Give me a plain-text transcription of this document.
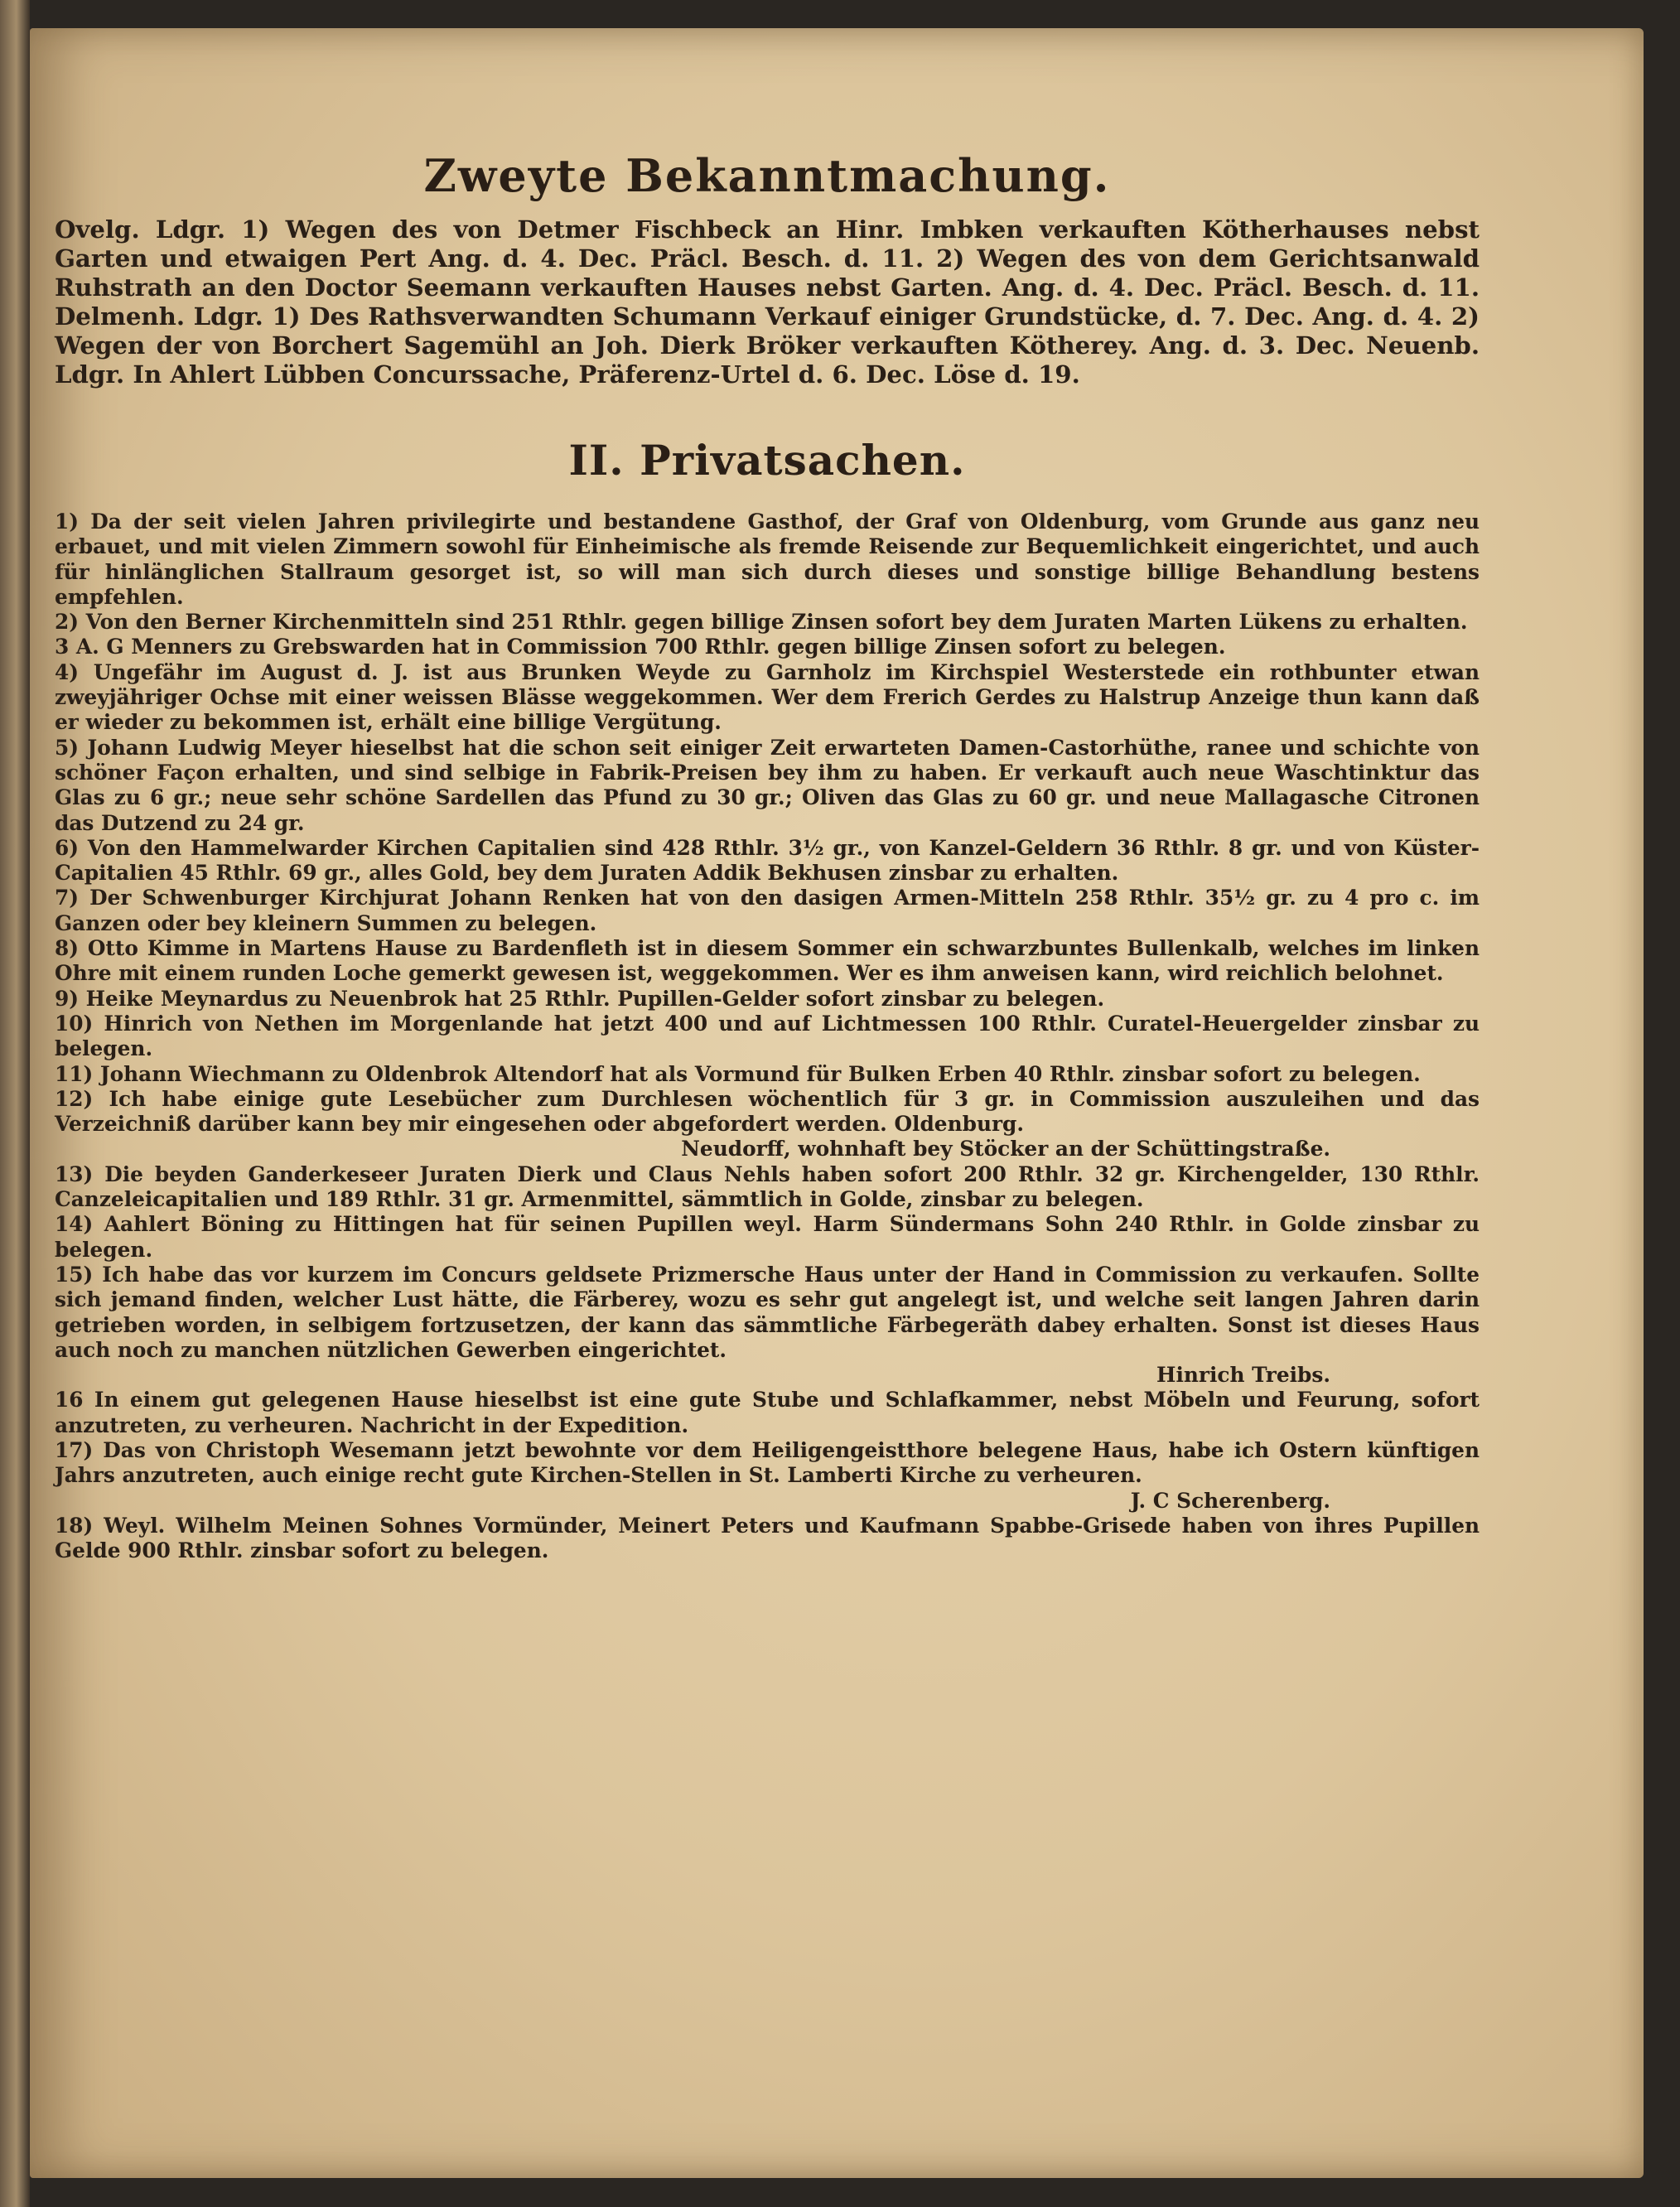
Zweyte Bekanntmachung.

Ovelg. Ldgr. 1) Wegen des von Detmer Fischbeck an Hinr. Imbken verkauften Kötherhauses nebst Garten und etwaigen Pert Ang. d. 4. Dec. Präcl. Besch. d. 11. 2) Wegen des von dem Gerichtsanwald Ruhstrath an den Doctor Seemann verkauften Hauses nebst Garten. Ang. d. 4. Dec. Präcl. Besch. d. 11. Delmenh. Ldgr. 1) Des Rathsverwandten Schumann Verkauf einiger Grundstücke, d. 7. Dec. Ang. d. 4. 2) Wegen der von Borchert Sagemühl an Joh. Dierk Bröker verkauften Kötherey. Ang. d. 3. Dec. Neuenb. Ldgr. In Ahlert Lübben Concurssache, Präferenz-Urtel d. 6. Dec. Löse d. 19.

II. Privatsachen.

1) Da der seit vielen Jahren privilegirte und bestandene Gasthof, der Graf von Oldenburg, vom Grunde aus ganz neu erbauet, und mit vielen Zimmern sowohl für Einheimische als fremde Reisende zur Bequemlichkeit eingerichtet, und auch für hinlänglichen Stallraum gesorget ist, so will man sich durch dieses und sonstige billige Behandlung bestens empfehlen.

2) Von den Berner Kirchenmitteln sind 251 Rthlr. gegen billige Zinsen sofort bey dem Juraten Marten Lükens zu erhalten.

3 A. G Menners zu Grebswarden hat in Commission 700 Rthlr. gegen billige Zinsen sofort zu belegen.

4) Ungefähr im August d. J. ist aus Brunken Weyde zu Garnholz im Kirchspiel Westerstede ein rothbunter etwan zweyjähriger Ochse mit einer weissen Blässe weggekommen. Wer dem Frerich Gerdes zu Halstrup Anzeige thun kann daß er wieder zu bekommen ist, erhält eine billige Vergütung.

5) Johann Ludwig Meyer hieselbst hat die schon seit einiger Zeit erwarteten Damen-Castorhüthe, ranee und schichte von schöner Façon erhalten, und sind selbige in Fabrik-Preisen bey ihm zu haben. Er verkauft auch neue Waschtinktur das Glas zu 6 gr.; neue sehr schöne Sardellen das Pfund zu 30 gr.; Oliven das Glas zu 60 gr. und neue Mallagasche Citronen das Dutzend zu 24 gr.

6) Von den Hammelwarder Kirchen Capitalien sind 428 Rthlr. 3½ gr., von Kanzel-Geldern 36 Rthlr. 8 gr. und von Küster-Capitalien 45 Rthlr. 69 gr., alles Gold, bey dem Juraten Addik Bekhusen zinsbar zu erhalten.

7) Der Schwenburger Kirchjurat Johann Renken hat von den dasigen Armen-Mitteln 258 Rthlr. 35½ gr. zu 4 pro c. im Ganzen oder bey kleinern Summen zu belegen.

8) Otto Kimme in Martens Hause zu Bardenfleth ist in diesem Sommer ein schwarzbuntes Bullenkalb, welches im linken Ohre mit einem runden Loche gemerkt gewesen ist, weggekommen. Wer es ihm anweisen kann, wird reichlich belohnet.

9) Heike Meynardus zu Neuenbrok hat 25 Rthlr. Pupillen-Gelder sofort zinsbar zu belegen.

10) Hinrich von Nethen im Morgenlande hat jetzt 400 und auf Lichtmessen 100 Rthlr. Curatel-Heuergelder zinsbar zu belegen.

11) Johann Wiechmann zu Oldenbrok Altendorf hat als Vormund für Bulken Erben 40 Rthlr. zinsbar sofort zu belegen.

12) Ich habe einige gute Lesebücher zum Durchlesen wöchentlich für 3 gr. in Commission auszuleihen und das Verzeichniß darüber kann bey mir eingesehen oder abgefordert werden. Oldenburg.

Neudorff, wohnhaft bey Stöcker an der Schüttingstraße.

13) Die beyden Ganderkeseer Juraten Dierk und Claus Nehls haben sofort 200 Rthlr. 32 gr. Kirchengelder, 130 Rthlr. Canzeleicapitalien und 189 Rthlr. 31 gr. Armenmittel, sämmtlich in Golde, zinsbar zu belegen.

14) Aahlert Böning zu Hittingen hat für seinen Pupillen weyl. Harm Sündermans Sohn 240 Rthlr. in Golde zinsbar zu belegen.

15) Ich habe das vor kurzem im Concurs geldsete Prizmersche Haus unter der Hand in Commission zu verkaufen. Sollte sich jemand finden, welcher Lust hätte, die Färberey, wozu es sehr gut angelegt ist, und welche seit langen Jahren darin getrieben worden, in selbigem fortzusetzen, der kann das sämmtliche Färbegeräth dabey erhalten. Sonst ist dieses Haus auch noch zu manchen nützlichen Gewerben eingerichtet.

Hinrich Treibs.

16 In einem gut gelegenen Hause hieselbst ist eine gute Stube und Schlafkammer, nebst Möbeln und Feurung, sofort anzutreten, zu verheuren. Nachricht in der Expedition.

17) Das von Christoph Wesemann jetzt bewohnte vor dem Heiligengeistthore belegene Haus, habe ich Ostern künftigen Jahrs anzutreten, auch einige recht gute Kirchen-Stellen in St. Lamberti Kirche zu verheuren.

J. C Scherenberg.

18) Weyl. Wilhelm Meinen Sohnes Vormünder, Meinert Peters und Kaufmann Spabbe-Grisede haben von ihres Pupillen Gelde 900 Rthlr. zinsbar sofort zu belegen.
